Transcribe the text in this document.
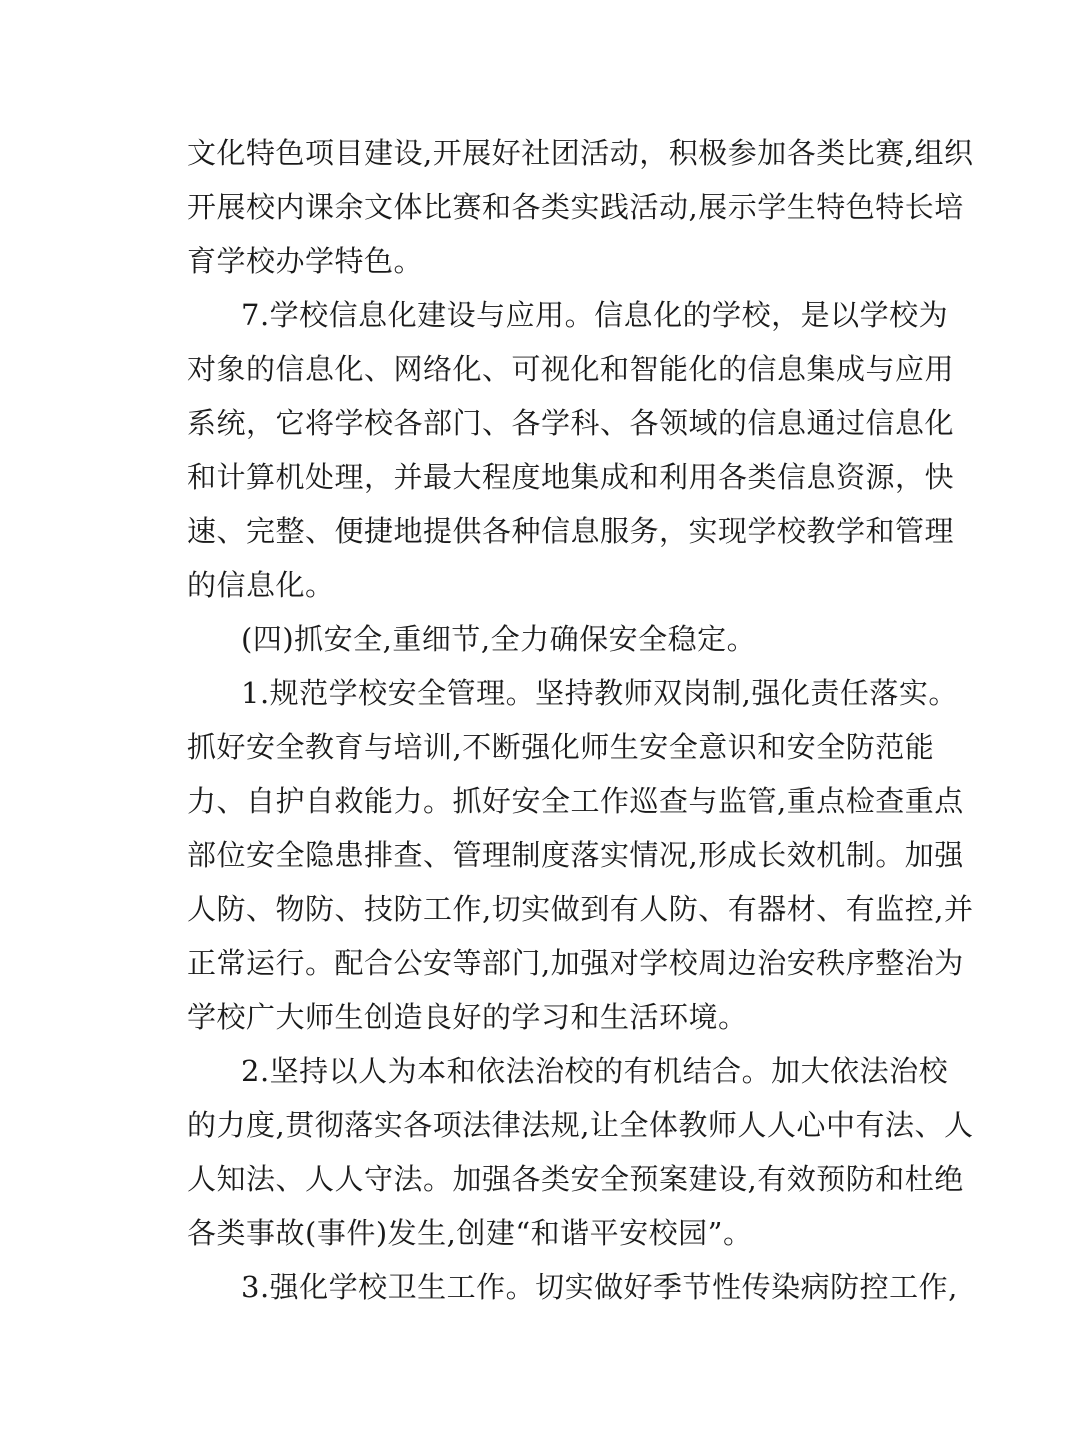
文化特色项目建设,开展好社团活动，积极参加各类比赛,组织
开展校内课余文体比赛和各类实践活动,展示学生特色特长培
育学校办学特色。
7.学校信息化建设与应用。信息化的学校，是以学校为
对象的信息化、网络化、可视化和智能化的信息集成与应用
系统，它将学校各部门、各学科、各领域的信息通过信息化
和计算机处理，并最大程度地集成和利用各类信息资源，快
速、完整、便捷地提供各种信息服务，实现学校教学和管理
的信息化。
(四)抓安全,重细节,全力确保安全稳定。
1.规范学校安全管理。坚持教师双岗制,强化责任落实。
抓好安全教育与培训,不断强化师生安全意识和安全防范能
力、自护自救能力。抓好安全工作巡查与监管,重点检查重点
部位安全隐患排查、管理制度落实情况,形成长效机制。加强
人防、物防、技防工作,切实做到有人防、有器材、有监控,并
正常运行。配合公安等部门,加强对学校周边治安秩序整治为
学校广大师生创造良好的学习和生活环境。
2.坚持以人为本和依法治校的有机结合。加大依法治校
的力度,贯彻落实各项法律法规,让全体教师人人心中有法、人
人知法、人人守法。加强各类安全预案建设,有效预防和杜绝
各类事故(事件)发生,创建“和谐平安校园”。
3.强化学校卫生工作。切实做好季节性传染病防控工作,
